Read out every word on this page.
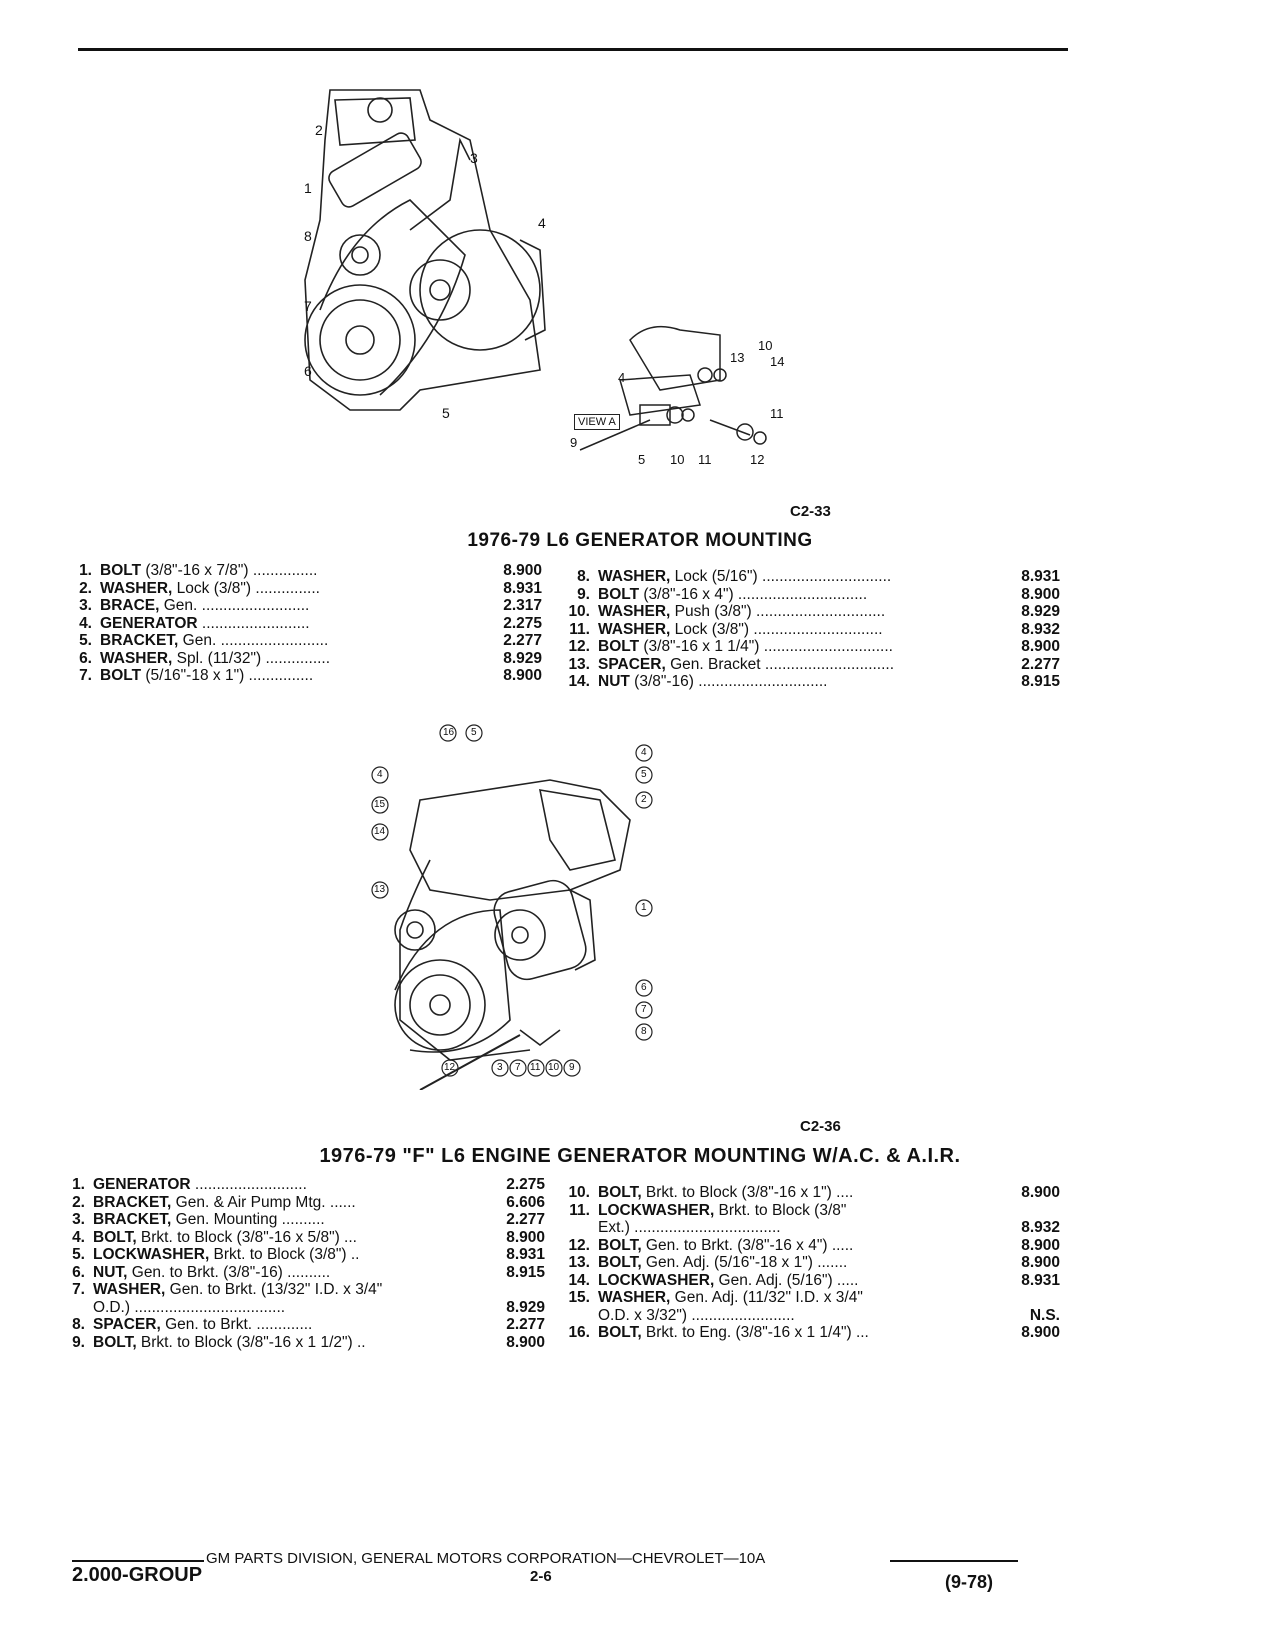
1
2
3
4
5
6
7
8
VIEW A
4
5
9
10
10
11
11
12
13 14
C2-33
1976-79 L6 GENERATOR MOUNTING
1. BOLT (3/8"-16 x 7/8") ...............	8.900
2. WASHER, Lock (3/8") ...............	8.931
3. BRACE, Gen. .........................	2.317
4. GENERATOR .........................	2.275
5. BRACKET, Gen. .........................	2.277
6. WASHER, Spl. (11/32") ...............	8.929
7. BOLT (5/16"-18 x 1") ...............	8.900
8. WASHER, Lock (5/16") ..............................	8.931
9. BOLT (3/8"-16 x 4") ..............................	8.900
10. WASHER, Push (3/8") ..............................	8.929
11. WASHER, Lock (3/8") ..............................	8.932
12. BOLT (3/8"-16 x 1 1/4") ..............................	8.900
13. SPACER, Gen. Bracket ..............................	2.277
14. NUT (3/8"-16) ..............................	8.915
16 5
4
15
14
13
4
5
2
1
6
7
8
12	3 7 11 10 9
C2-36
1976-79 "F" L6 ENGINE GENERATOR MOUNTING W/A.C. & A.I.R.
1. GENERATOR ..........................	2.275
2. BRACKET, Gen. & Air Pump Mtg. ......	6.606
3. BRACKET, Gen. Mounting ..........	2.277
4. BOLT, Brkt. to Block (3/8"-16 x 5/8") ...	8.900
5. LOCKWASHER, Brkt. to Block (3/8") ..	8.931
6. NUT, Gen. to Brkt. (3/8"-16) ..........	8.915
7. WASHER, Gen. to Brkt. (13/32" I.D. x 3/4"
O.D.) ...................................	8.929
8. SPACER, Gen. to Brkt. .............	2.277
9. BOLT, Brkt. to Block (3/8"-16 x 1 1/2") ..	8.900
10. BOLT, Brkt. to Block (3/8"-16 x 1") ....	8.900
11. LOCKWASHER, Brkt. to Block (3/8"
Ext.) ..................................	8.932
12. BOLT, Gen. to Brkt. (3/8"-16 x 4") .....	8.900
13. BOLT, Gen. Adj. (5/16"-18 x 1") .......	8.900
14. LOCKWASHER, Gen. Adj. (5/16") .....	8.931
15. WASHER, Gen. Adj. (11/32" I.D. x 3/4"
O.D. x 3/32") ........................	N.S.
16. BOLT, Brkt. to Eng. (3/8"-16 x 1 1/4") ...	8.900
GM PARTS DIVISION, GENERAL MOTORS CORPORATION—CHEVROLET—10A
2.000-GROUP	2-6	(9-78)
